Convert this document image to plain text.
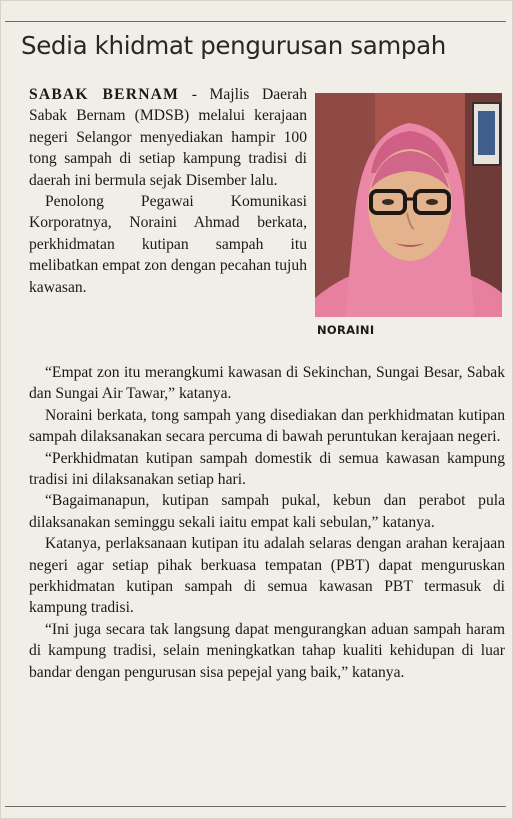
Sedia khidmat pengurusan sampah

SABAK BERNAM - Majlis Daerah Sabak Bernam (MDSB) melalui kerajaan negeri Selangor menyediakan hampir 100 tong sampah di setiap kampung tradisi di daerah ini bermula sejak Disember lalu.

Penolong Pegawai Komunikasi Korporatnya, Noraini Ahmad berkata, perkhidmatan kutipan sampah itu melibatkan empat zon dengan pecahan tujuh kawasan.

NORAINI

“Empat zon itu merangkumi kawasan di Sekinchan, Sungai Besar, Sabak dan Sungai Air Tawar,” katanya.

Noraini berkata, tong sampah yang disediakan dan perkhidmatan kutipan sampah dilaksanakan secara percuma di bawah peruntukan kerajaan negeri.

“Perkhidmatan kutipan sampah domestik di semua kawasan kampung tradisi ini dilaksanakan setiap hari.

“Bagaimanapun, kutipan sampah pukal, kebun dan perabot pula dilaksanakan seminggu sekali iaitu empat kali sebulan,” katanya.

Katanya, perlaksanaan kutipan itu adalah selaras dengan arahan kerajaan negeri agar setiap pihak berkuasa tempatan (PBT) dapat menguruskan perkhidmatan kutipan sampah di semua kawasan PBT termasuk di kampung tradisi.

“Ini juga secara tak langsung dapat mengurangkan aduan sampah haram di kampung tradisi, selain meningkatkan tahap kualiti kehidupan di luar bandar dengan pengurusan sisa pepejal yang baik,” katanya.
